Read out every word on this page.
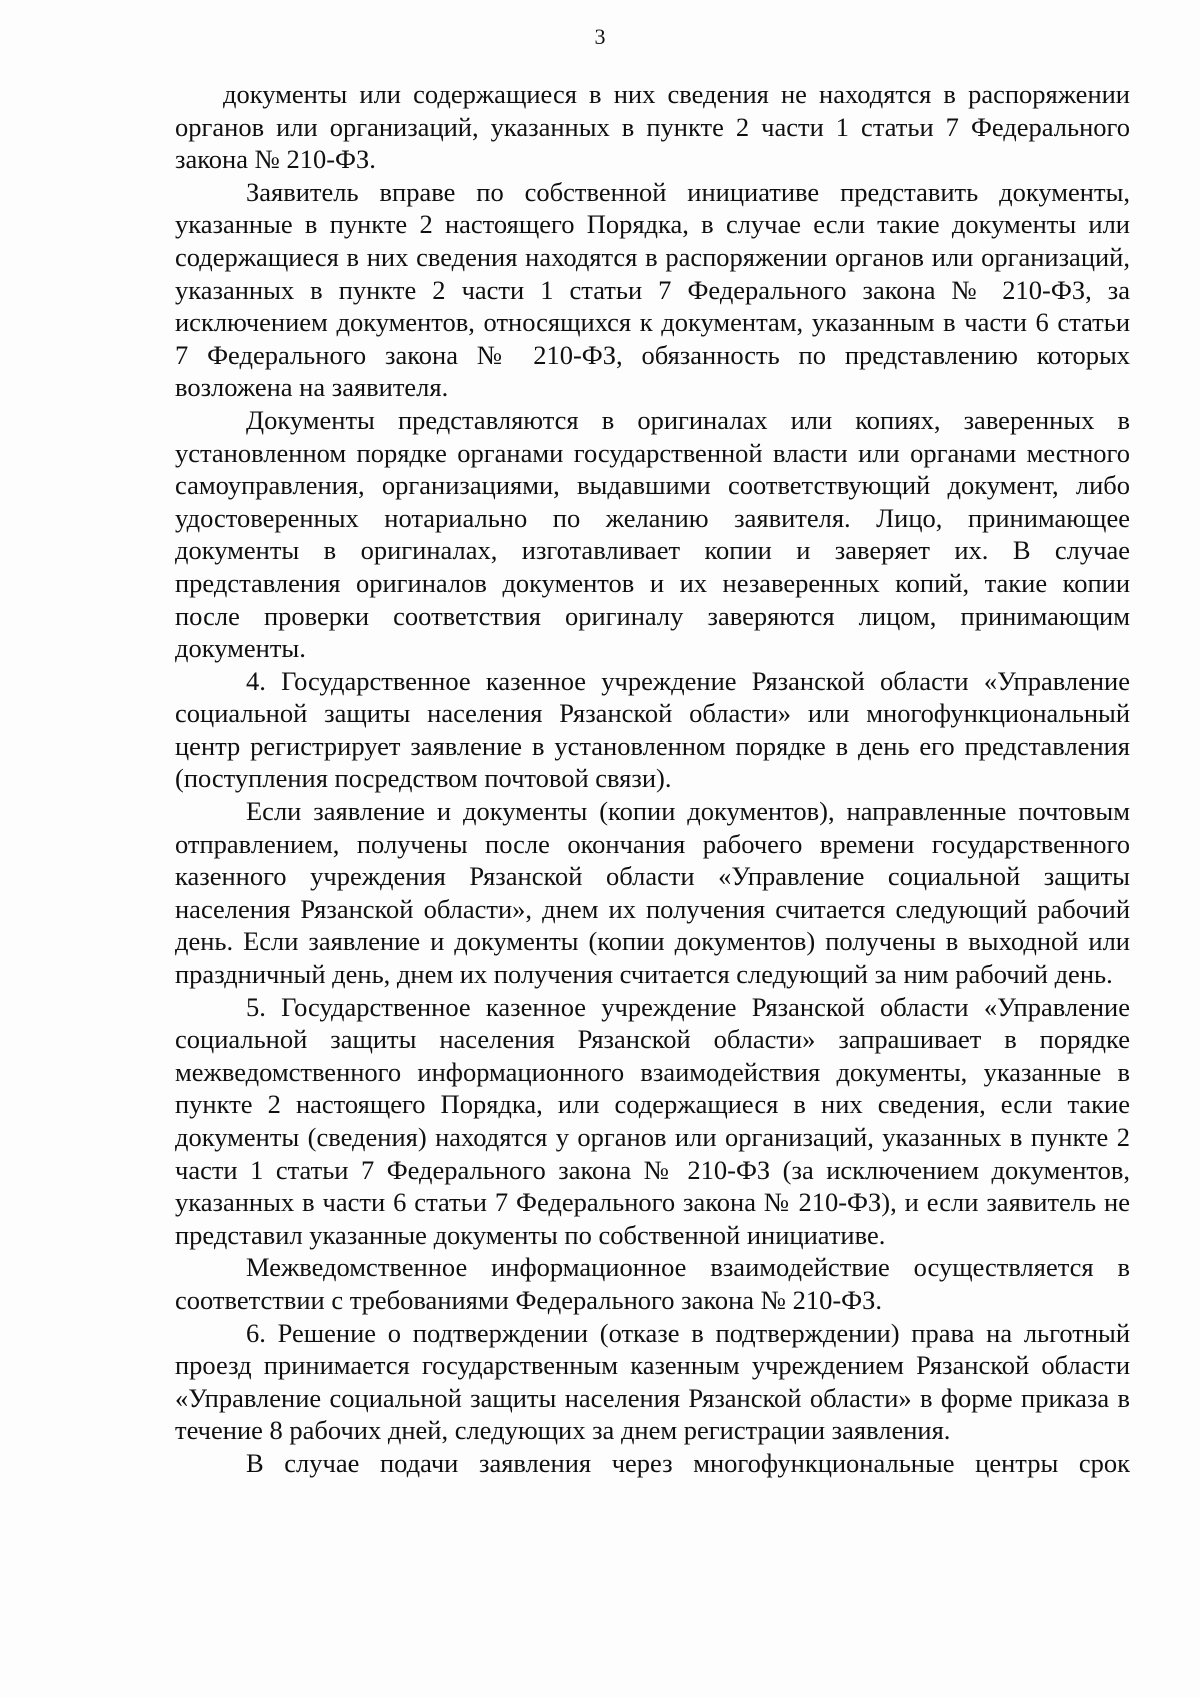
3

документы или содержащиеся в них сведения не находятся в распоряжении органов или организаций, указанных в пункте 2 части 1 статьи 7 Федерального закона № 210-ФЗ.

Заявитель вправе по собственной инициативе представить документы, указанные в пункте 2 настоящего Порядка, в случае если такие документы или содержащиеся в них сведения находятся в распоряжении органов или организаций, указанных в пункте 2 части 1 статьи 7 Федерального закона № 210-ФЗ, за исключением документов, относящихся к документам, указанным в части 6 статьи 7 Федерального закона № 210-ФЗ, обязанность по представлению которых возложена на заявителя.

Документы представляются в оригиналах или копиях, заверенных в установленном порядке органами государственной власти или органами местного самоуправления, организациями, выдавшими соответствующий документ, либо удостоверенных нотариально по желанию заявителя. Лицо, принимающее документы в оригиналах, изготавливает копии и заверяет их. В случае представления оригиналов документов и их незаверенных копий, такие копии после проверки соответствия оригиналу заверяются лицом, принимающим документы.

4. Государственное казенное учреждение Рязанской области «Управление социальной защиты населения Рязанской области» или многофункциональный центр регистрирует заявление в установленном порядке в день его представления (поступления посредством почтовой связи).

Если заявление и документы (копии документов), направленные почтовым отправлением, получены после окончания рабочего времени государственного казенного учреждения Рязанской области «Управление социальной защиты населения Рязанской области», днем их получения считается следующий рабочий день. Если заявление и документы (копии документов) получены в выходной или праздничный день, днем их получения считается следующий за ним рабочий день.

5. Государственное казенное учреждение Рязанской области «Управление социальной защиты населения Рязанской области» запрашивает в порядке межведомственного информационного взаимодействия документы, указанные в пункте 2 настоящего Порядка, или содержащиеся в них сведения, если такие документы (сведения) находятся у органов или организаций, указанных в пункте 2 части 1 статьи 7 Федерального закона № 210-ФЗ (за исключением документов, указанных в части 6 статьи 7 Федерального закона № 210-ФЗ), и если заявитель не представил указанные документы по собственной инициативе.

Межведомственное информационное взаимодействие осуществляется в соответствии с требованиями Федерального закона № 210-ФЗ.

6. Решение о подтверждении (отказе в подтверждении) права на льготный проезд принимается государственным казенным учреждением Рязанской области «Управление социальной защиты населения Рязанской области» в форме приказа в течение 8 рабочих дней, следующих за днем регистрации заявления.

В случае подачи заявления через многофункциональные центры срок
